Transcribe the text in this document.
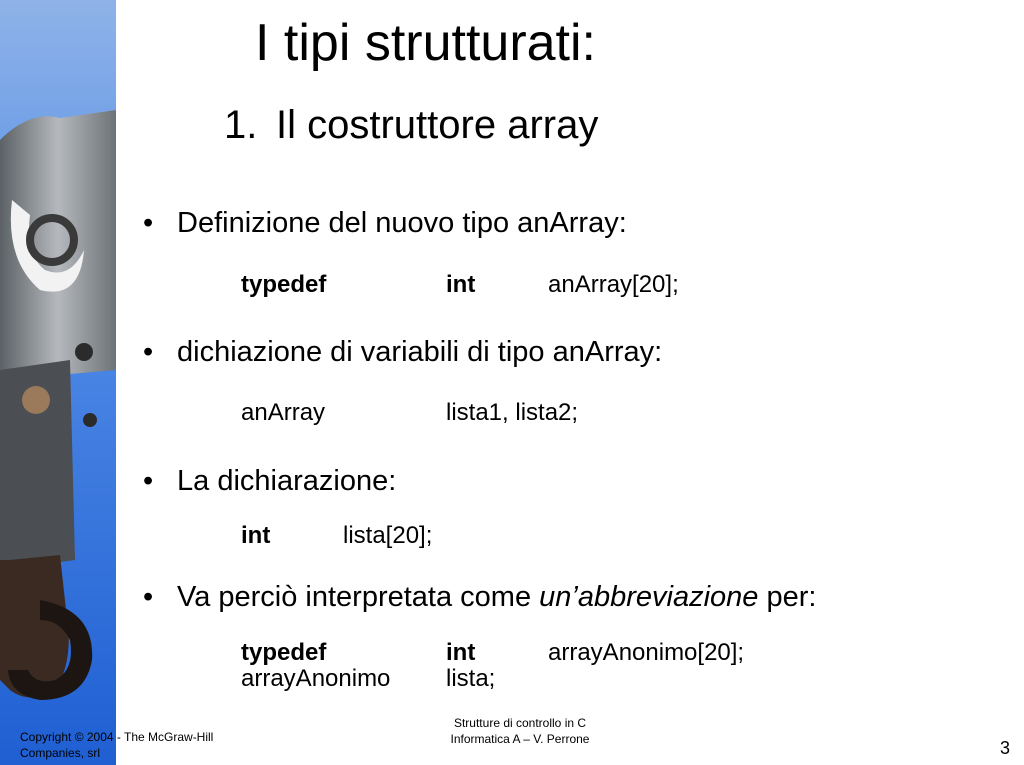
I tipi strutturati:
1. Il costruttore array
• Definizione del nuovo tipo anArray:
typedef	int	anArray[20];
• dichiazione di variabili di tipo anArray:
anArray	lista1, lista2;
• La dichiarazione:
int	lista[20];
• Va perciò interpretata come un’abbreviazione per:
typedef	int	arrayAnonimo[20];
arrayAnonimo lista;
Copyright © 2004 - The McGraw-Hill
Companies, srl
Strutture di controllo in C
Informatica A – V. Perrone	3
